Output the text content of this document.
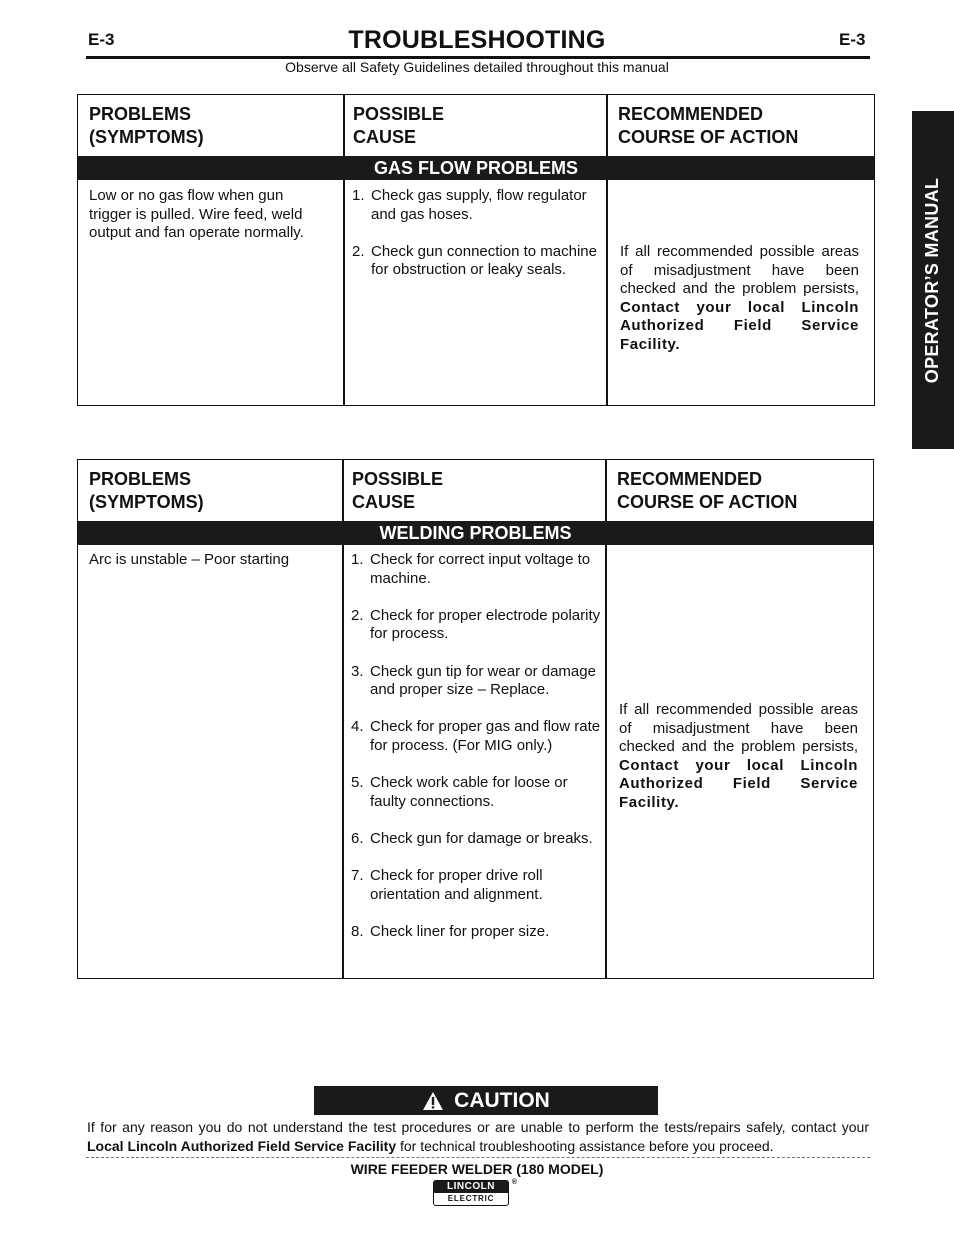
E-3	E-3
TROUBLESHOOTING
Observe all Safety Guidelines detailed throughout this manual
OPERATOR’S MANUAL
PROBLEMS
(SYMPTOMS)
POSSIBLE
CAUSE
RECOMMENDED
COURSE OF ACTION
GAS FLOW PROBLEMS
Low or no gas flow when gun trigger is pulled. Wire feed, weld output and fan operate normally.
1. Check gas supply, flow regulator and gas hoses.
2. Check gun connection to machine for obstruction or leaky seals.
If all recommended possible areas of misadjustment have been checked and the problem persists, Contact your local Lincoln Authorized Field Service Facility.
PROBLEMS
(SYMPTOMS)
POSSIBLE
CAUSE
RECOMMENDED
COURSE OF ACTION
WELDING PROBLEMS
Arc is unstable – Poor starting	1. Check for correct input voltage to machine.
2. Check for proper electrode polarity for process.
3. Check gun tip for wear or damage and proper size – Replace.
4. Check for proper gas and flow rate for process. (For MIG only.)
5. Check work cable for loose or faulty connections.
6. Check gun for damage or breaks.
7. Check for proper drive roll orientation and alignment.
8. Check liner for proper size.
If all recommended possible areas of misadjustment have been checked and the problem persists, Contact your local Lincoln Authorized Field Service Facility.
CAUTION
If for any reason you do not understand the test procedures or are unable to perform the tests/repairs safely, contact your Local Lincoln Authorized Field Service Facility for technical troubleshooting assistance before you proceed.
WIRE FEEDER WELDER (180 MODEL)
LINCOLN
ELECTRIC
®
